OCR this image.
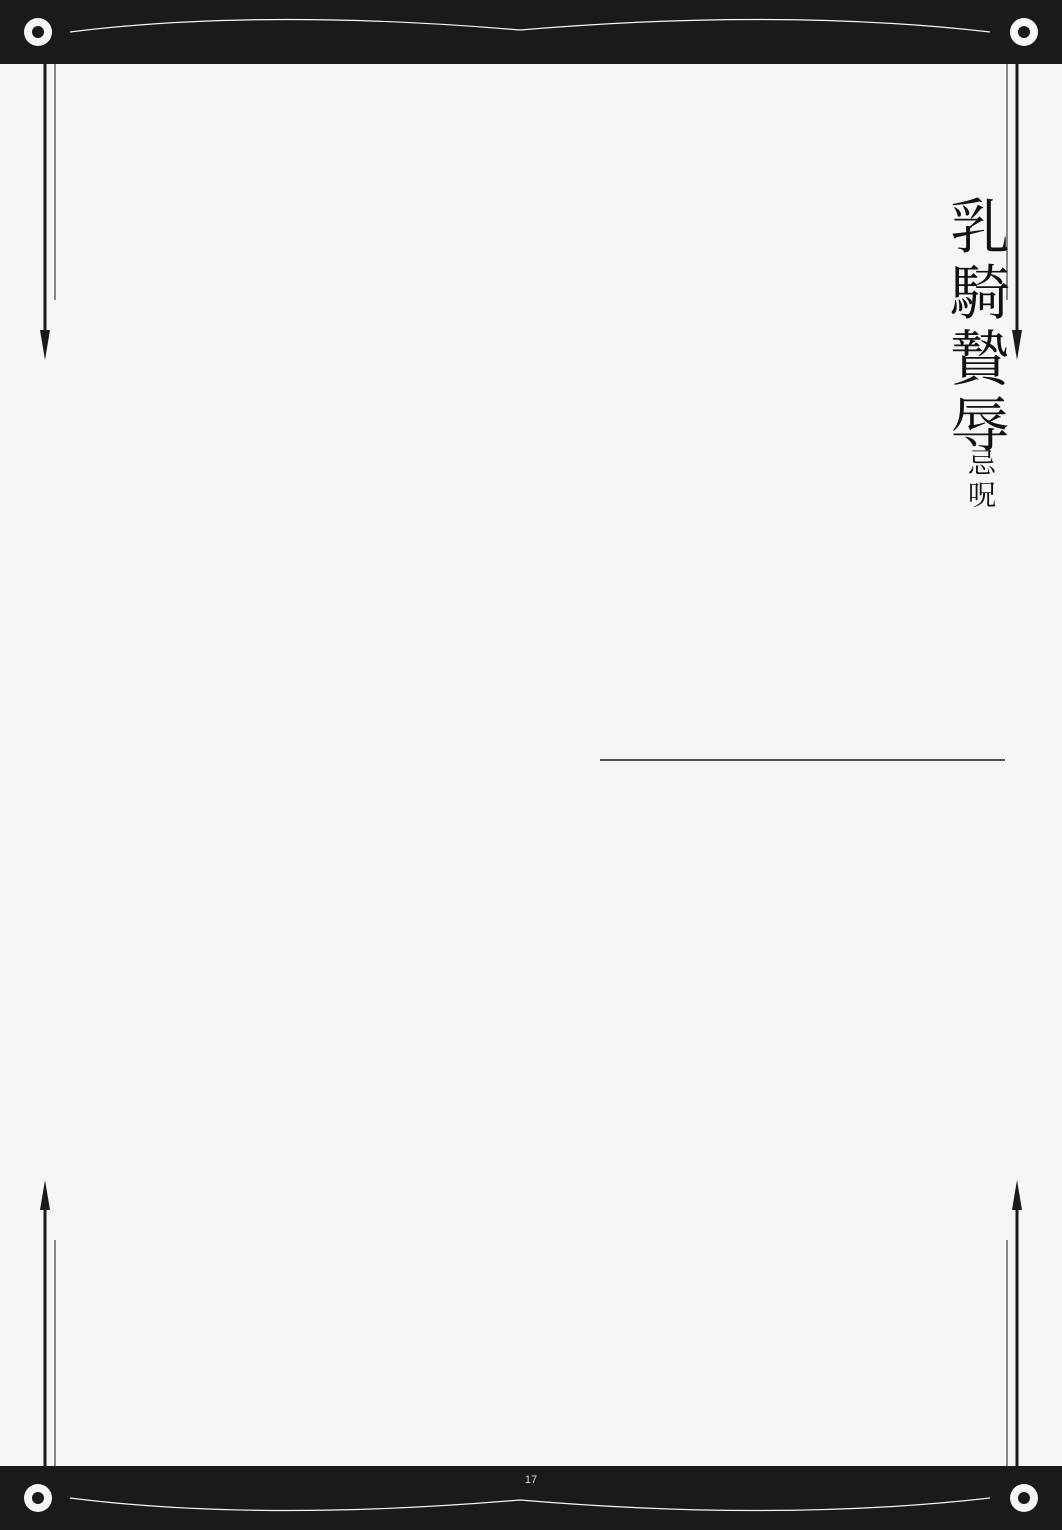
乳騎贄辱
忌呪
17
